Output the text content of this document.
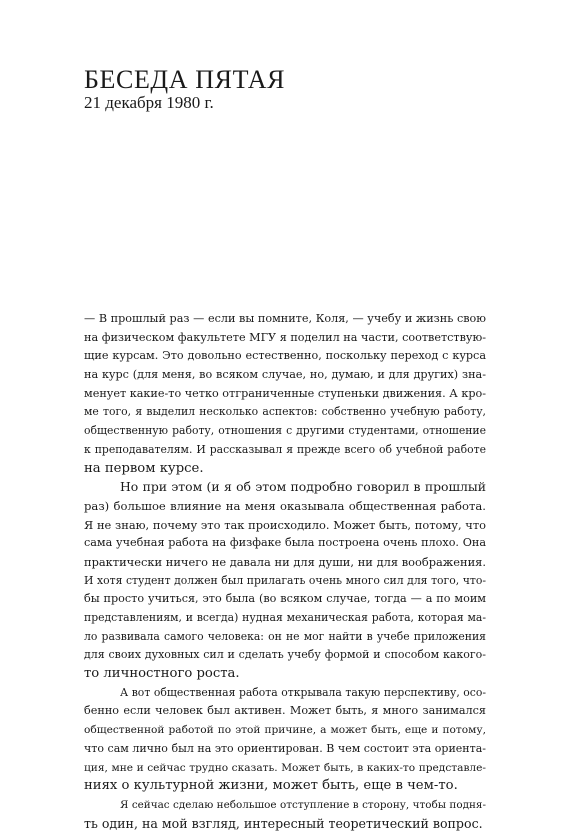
БЕСЕДА ПЯТАЯ
21 декабря 1980 г.
— В прошлый раз — если вы помните, Коля, — учебу и жизнь свою
на физическом факультете МГУ я поделил на части, соответствую-
щие курсам. Это довольно естественно, поскольку переход с курса
на курс (для меня, во всяком случае, но, думаю, и для других) зна-
менует какие-то четко отграниченные ступеньки движения. А кро-
ме того, я выделил несколько аспектов: собственно учебную работу,
общественную работу, отношения с другими студентами, отношение
к преподавателям. И рассказывал я прежде всего об учебной работе
на первом курсе.
Но при этом (и я об этом подробно говорил в прошлый
раз) большое влияние на меня оказывала общественная работа.
Я не знаю, почему это так происходило. Может быть, потому, что
сама учебная работа на физфаке была построена очень плохо. Она
практически ничего не давала ни для души, ни для воображения.
И хотя студент должен был прилагать очень много сил для того, что-
бы просто учиться, это была (во всяком случае, тогда — а по моим
представлениям, и всегда) нудная механическая работа, которая ма-
ло развивала самого человека: он не мог найти в учебе приложения
для своих духовных сил и сделать учебу формой и способом какого-
то личностного роста.
А вот общественная работа открывала такую перспективу, осо-
бенно если человек был активен. Может быть, я много занимался
общественной работой по этой причине, а может быть, еще и потому,
что сам лично был на это ориентирован. В чем состоит эта ориента-
ция, мне и сейчас трудно сказать. Может быть, в каких-то представле-
ниях о культурной жизни, может быть, еще в чем-то.
Я сейчас сделаю небольшое отступление в сторону, чтобы подня-
ть один, на мой взгляд, интересный теоретический вопрос.
